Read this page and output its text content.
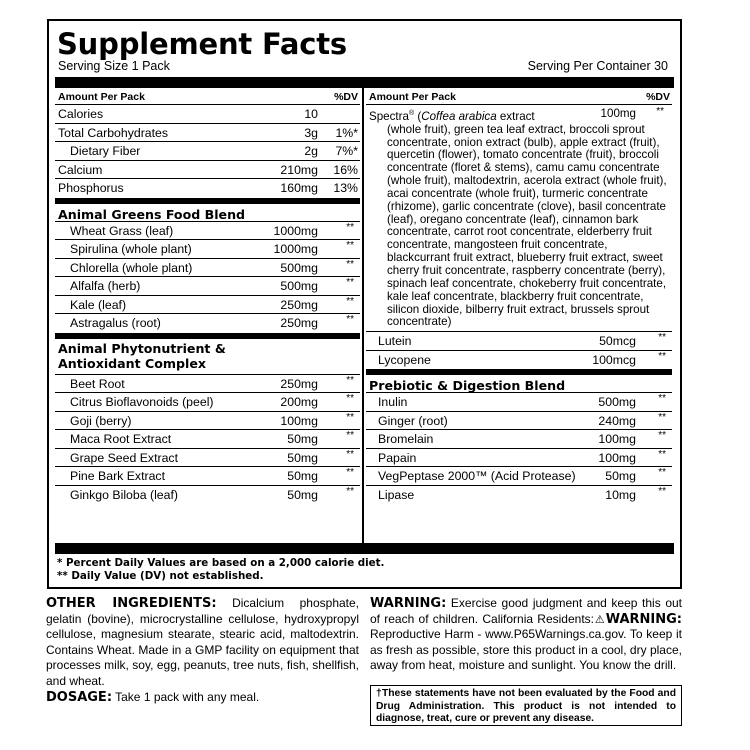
Supplement Facts
Serving Size 1 Pack	Serving Per Container 30
Amount Per Pack	%DV
Calories	10
Total Carbohydrates	3g 1%*
Dietary Fiber	2g 7%*
Calcium	210mg 16%
Phosphorus	160mg 13%
Animal Greens Food Blend
Wheat Grass (leaf)	1000mg	**
Spirulina (whole plant)	1000mg	**
Chlorella (whole plant)	500mg	**
Alfalfa (herb)	500mg	**
Kale (leaf)	250mg	**
Astragalus (root)	250mg	**
Animal Phytonutrient &
Antioxidant Complex
Beet Root	250mg	**
Citrus Bioflavonoids (peel)	200mg	**
Goji (berry)	100mg	**
Maca Root Extract	50mg	**
Grape Seed Extract	50mg	**
Pine Bark Extract	50mg	**
Ginkgo Biloba (leaf)	50mg	**
Amount Per Pack	%DV
Spectra® (Coffea arabica extract	100mg **
(whole fruit), green tea leaf extract, broccoli sprout concentrate, onion extract (bulb), apple extract (fruit), quercetin (flower), tomato concentrate (fruit), broccoli concentrate (floret & stems), camu camu concentrate (whole fruit), maltodextrin, acerola extract (whole fruit), acai concentrate (whole fruit), turmeric concentrate (rhizome), garlic concentrate (clove), basil concentrate (leaf), oregano concentrate (leaf), cinnamon bark concentrate, carrot root concentrate, elderberry fruit concentrate, mangosteen fruit concentrate, blackcurrant fruit extract, blueberry fruit extract, sweet cherry fruit concentrate, raspberry concentrate (berry), spinach leaf concentrate, chokeberry fruit concentrate, kale leaf concentrate, blackberry fruit concentrate, silicon dioxide, bilberry fruit extract, brussels sprout concentrate)
Lutein	50mcg **
Lycopene	100mcg **
Prebiotic & Digestion Blend
Inulin	500mg **
Ginger (root)	240mg **
Bromelain	100mg **
Papain	100mg **
VegPeptase 2000™ (Acid Protease) 50mg **
Lipase	10mg **
* Percent Daily Values are based on a 2,000 calorie diet.
** Daily Value (DV) not established.
OTHER INGREDIENTS: Dicalcium phosphate, gelatin (bovine), microcrystalline cellulose, hydroxypropyl cellulose, magnesium stearate, stearic acid, maltodextrin. Contains Wheat. Made in a GMP facility on equipment that processes milk, soy, egg, peanuts, tree nuts, fish, shellfish, and wheat.
WARNING: Exercise good judgment and keep this out of reach of children. California Residents:⚠WARNING: Reproductive Harm - www.P65Warnings.ca.gov. To keep it as fresh as possible, store this product in a cool, dry place, away from heat, moisture and sunlight. You know the drill.
DOSAGE: Take 1 pack with any meal.	†These statements have not been evaluated by the Food and Drug Administration. This product is not intended to diagnose, treat, cure or prevent any disease.
